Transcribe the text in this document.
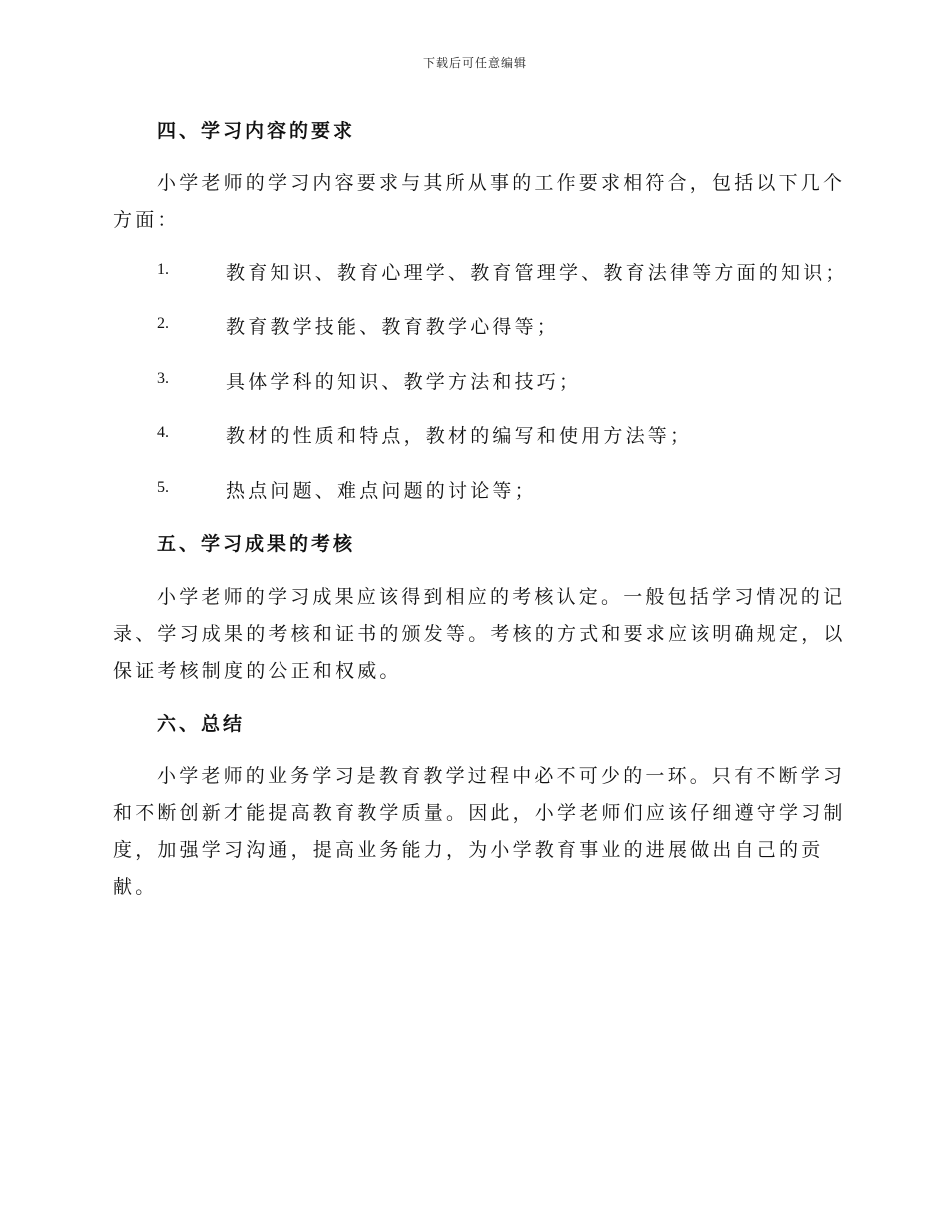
下载后可任意编辑
四、学习内容的要求
小学老师的学习内容要求与其所从事的工作要求相符合，包括以下几个
方面：
1.	教育知识、教育心理学、教育管理学、教育法律等方面的知识；
2.	教育教学技能、教育教学心得等；
3.	具体学科的知识、教学方法和技巧；
4.	教材的性质和特点，教材的编写和使用方法等；
5.	热点问题、难点问题的讨论等；
五、学习成果的考核
小学老师的学习成果应该得到相应的考核认定。一般包括学习情况的记
录、学习成果的考核和证书的颁发等。考核的方式和要求应该明确规定，以
保证考核制度的公正和权威。
六、总结
小学老师的业务学习是教育教学过程中必不可少的一环。只有不断学习
和不断创新才能提高教育教学质量。因此，小学老师们应该仔细遵守学习制
度，加强学习沟通，提高业务能力，为小学教育事业的进展做出自己的贡
献。
